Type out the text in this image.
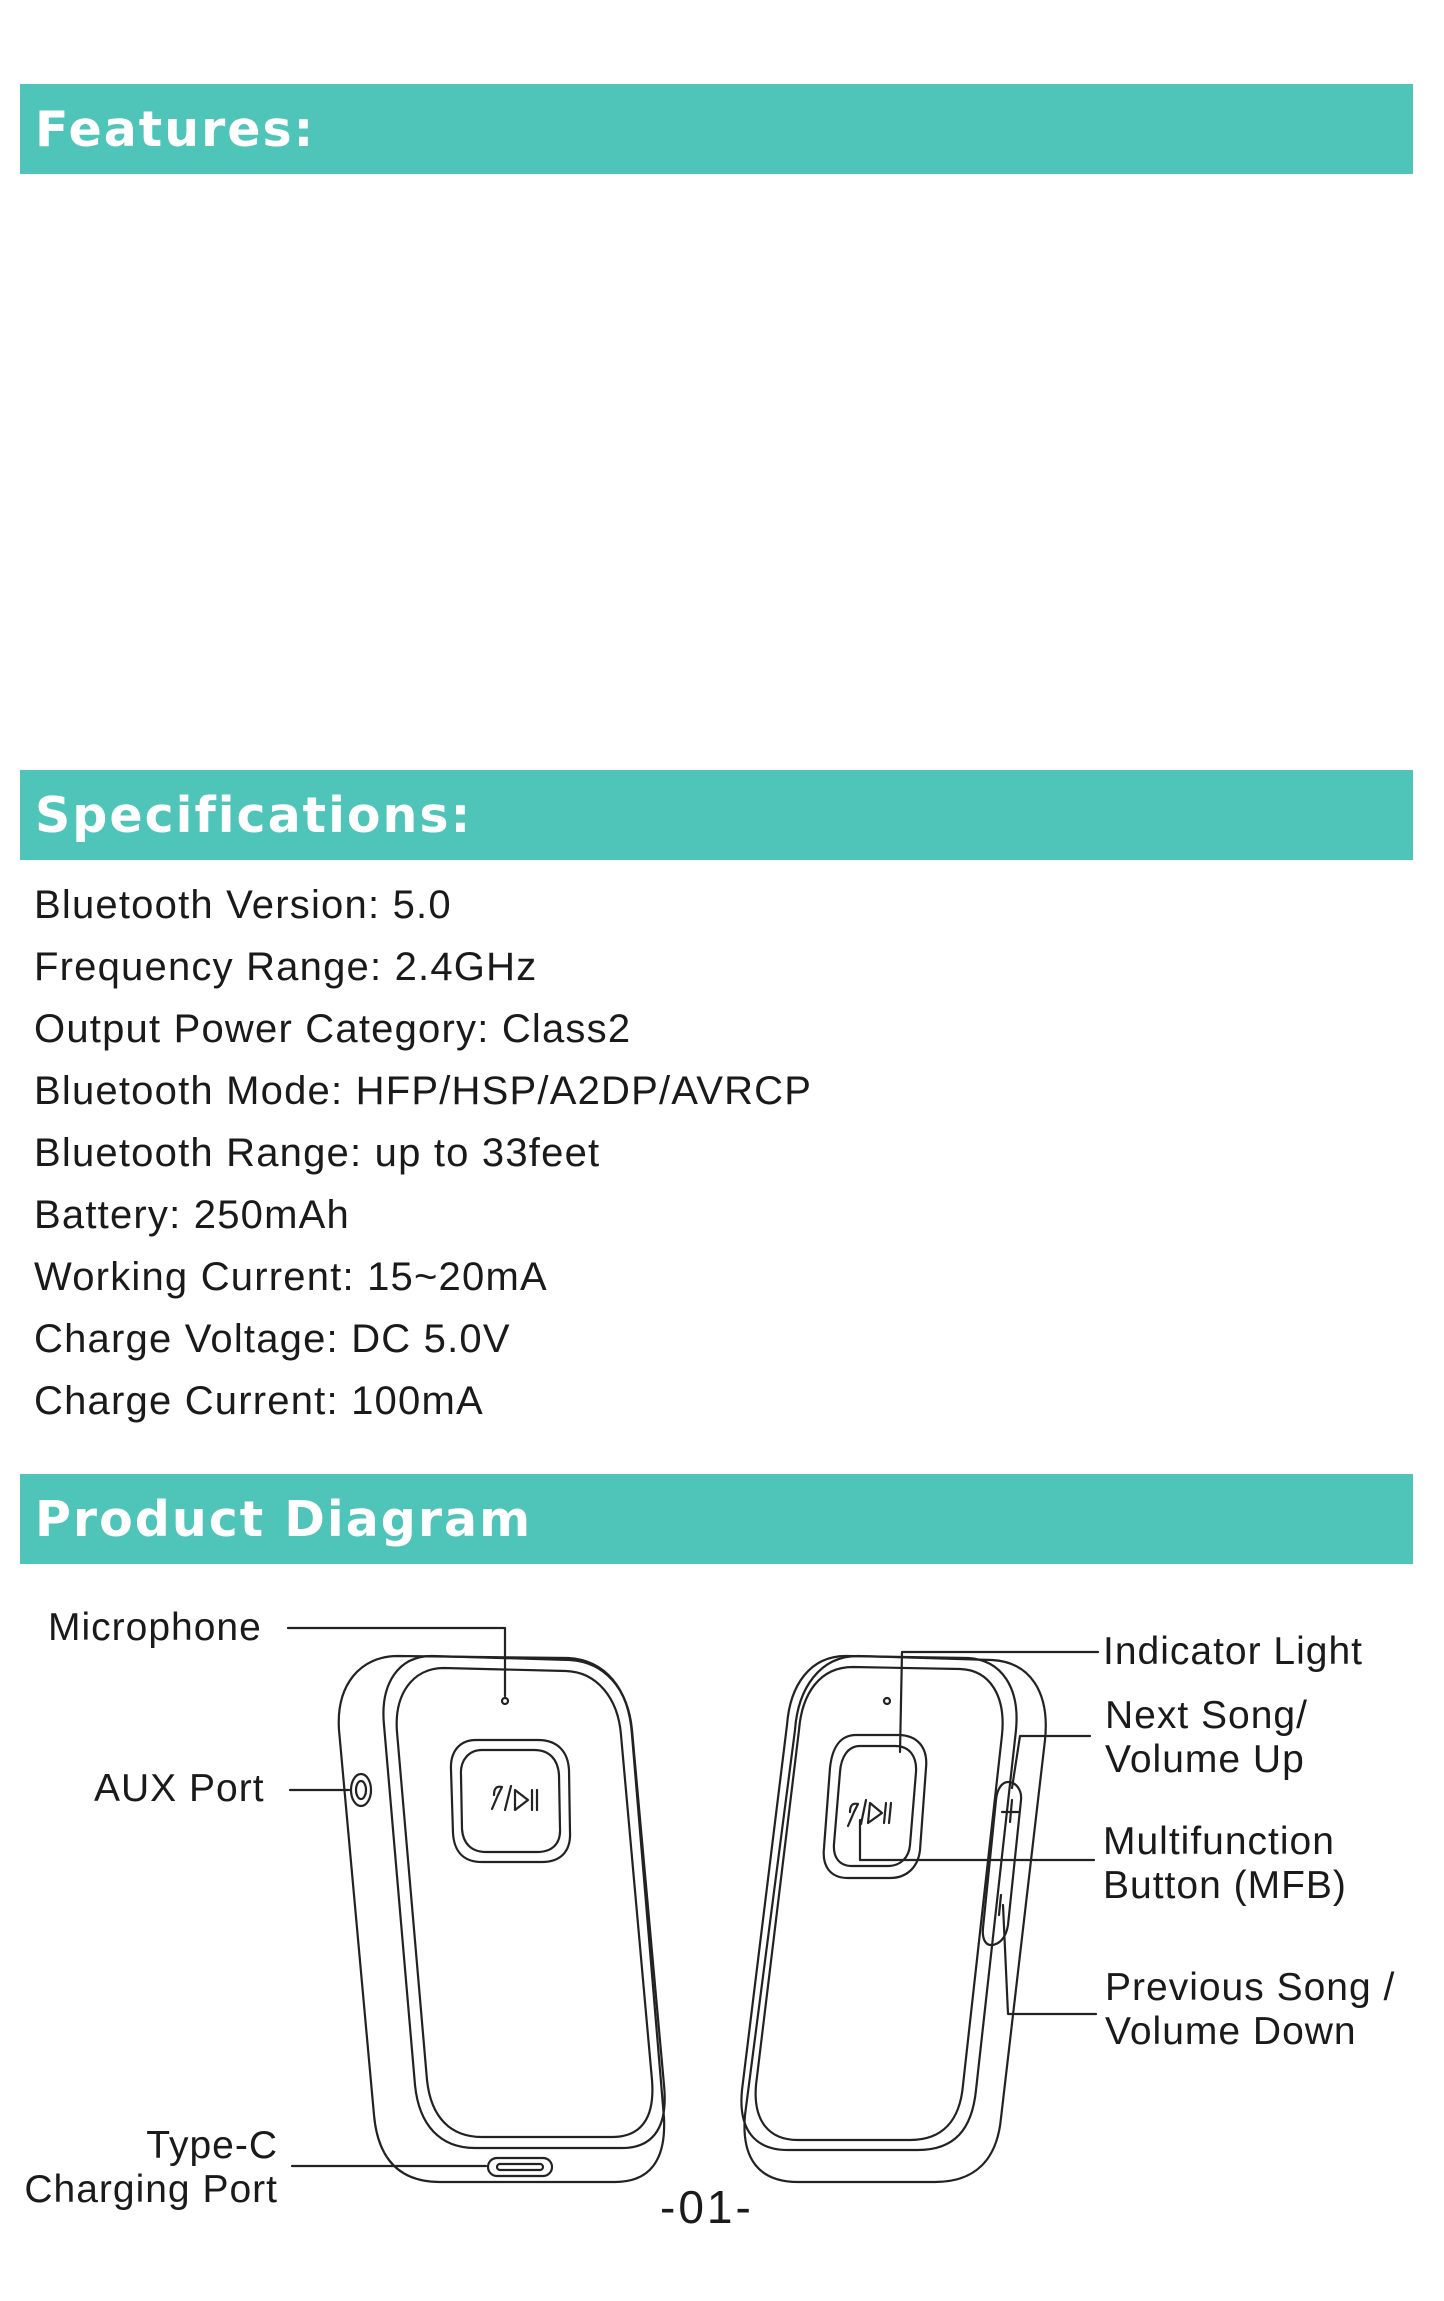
Features:
Specifications:
Bluetooth Version: 5.0
Frequency Range: 2.4GHz
Output Power Category: Class2
Bluetooth Mode: HFP/HSP/A2DP/AVRCP
Bluetooth Range: up to 33feet
Battery: 250mAh
Working Current: 15~20mA
Charge Voltage: DC 5.0V
Charge Current: 100mA
Product Diagram
Microphone
AUX Port
Type-C
Charging Port
Indicator Light
Next Song/
Volume Up
Multifunction
Button (MFB)
Previous Song /
Volume Down
-01-
